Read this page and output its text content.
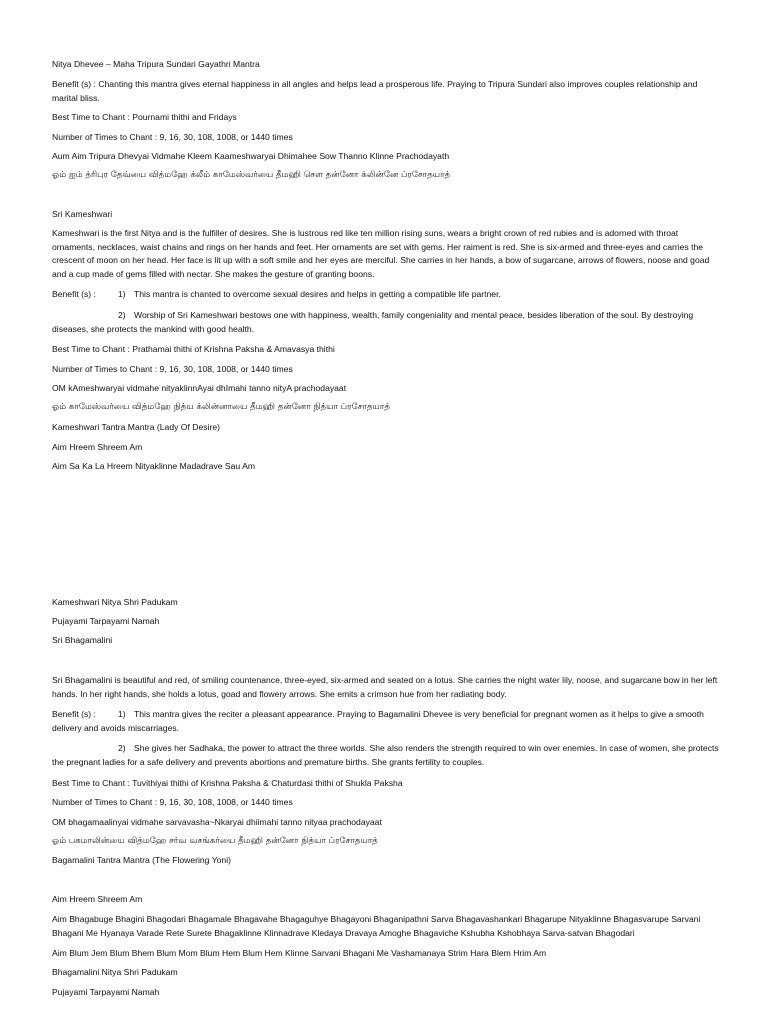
Nitya Dhevee – Maha Tripura Sundari Gayathri Mantra

Benefit (s) : Chanting this mantra gives eternal happiness in all angles and helps lead a prosperous life. Praying to Tripura Sundari also improves couples relationship and marital bliss.

Best Time to Chant : Pournami thithi and Fridays

Number of Times to Chant : 9, 16, 30, 108, 1008, or 1440 times

Aum Aim Tripura Dhevyai Vidmahe Kleem Kaameshwaryai Dhimahee Sow Thanno Klinne Prachodayath

ஓம் ஐம் த்ரிபுர தேவ்யை வித்மஹே க்லீம் காமேஸ்வர்யை தீமஹி சௌ தன்னோ க்லின்னே ப்ரசோதயாத்

Sri Kameshwari

Kameshwari is the first Nitya and is the fulfiller of desires. She is lustrous red like ten million rising suns, wears a bright crown of red rubies and is adorned with throat ornaments, necklaces, waist chains and rings on her hands and feet. Her ornaments are set with gems. Her raiment is red. She is six-armed and three-eyes and carries the crescent of moon on her head. Her face is lit up with a soft smile and her eyes are merciful. She carries in her hands, a bow of sugarcane, arrows of flowers, noose and goad and a cup made of gems filled with nectar. She makes the gesture of granting boons.

Benefit (s) :	1) This mantra is chanted to overcome sexual desires and helps in getting a compatible life partner.

2) Worship of Sri Kameshwari bestows one with happiness, wealth, family congeniality and mental peace, besides liberation of the soul. By destroying diseases, she protects the mankind with good health.

Best Time to Chant : Prathamai thithi of Krishna Paksha & Amavasya thithi

Number of Times to Chant : 9, 16, 30, 108, 1008, or 1440 times

OM kAmeshwaryai vidmahe nityaklinnAyai dhImahi tanno nityA prachodayaat

ஓம் காமேஸ்வர்யை வித்மஹே நித்ய க்லின்னாயை தீமஹி தன்னோ நித்யா ப்ரசோதயாத்

Kameshwari Tantra Mantra (Lady Of Desire)

Aim Hreem Shreem Am

Aim Sa Ka La Hreem Nityaklinne Madadrave Sau Am

Kameshwari Nitya Shri Padukam

Pujayami Tarpayami Namah

Sri Bhagamalini

Sri Bhagamalini is beautiful and red, of smiling countenance, three-eyed, six-armed and seated on a lotus. She carries the night water lily, noose, and sugarcane bow in her left hands. In her right hands, she holds a lotus, goad and flowery arrows. She emits a crimson hue from her radiating body.

Benefit (s) :	1) This mantra gives the reciter a pleasant appearance. Praying to Bagamalini Dhevee is very beneficial for pregnant women as it helps to give a smooth delivery and avoids miscarriages.

2) She gives her Sadhaka, the power to attract the three worlds. She also renders the strength required to win over enemies. In case of women, she protects the pregnant ladies for a safe delivery and prevents abortions and premature births. She grants fertility to couples.

Best Time to Chant : Tuvithiyai thithi of Krishna Paksha & Chaturdasi thithi of Shukla Paksha

Number of Times to Chant : 9, 16, 30, 108, 1008, or 1440 times

OM bhagamaalinyai vidmahe sarvavasha~Nkaryai dhiimahi tanno nityaa prachodayaat

ஓம் பகமாலின்யை வித்மஹே சர்வ வசங்கர்யை தீமஹி தன்னோ நித்யா ப்ரசோதயாத்

Bagamalini Tantra Mantra (The Flowering Yoni)

Aim Hreem Shreem Am

Aim Bhagabuge Bhagini Bhagodari Bhagamale Bhagavahe Bhagaguhye Bhagayoni Bhaganipathni Sarva Bhagavashankari Bhagarupe Nityaklinne Bhagasvarupe Sarvani Bhagani Me Hyanaya Varade Rete Surete Bhagaklinne Klinnadrave Kledaya Dravaya Amoghe Bhagaviche Kshubha Kshobhaya Sarva-satvan Bhagodari

Aim Blum Jem Blum Bhem Blum Mom Blum Hem Blum Hem Klinne Sarvani Bhagani Me Vashamanaya Strim Hara Blem Hrim Am

Bhagamalini Nitya Shri Padukam

Pujayami Tarpayami Namah
